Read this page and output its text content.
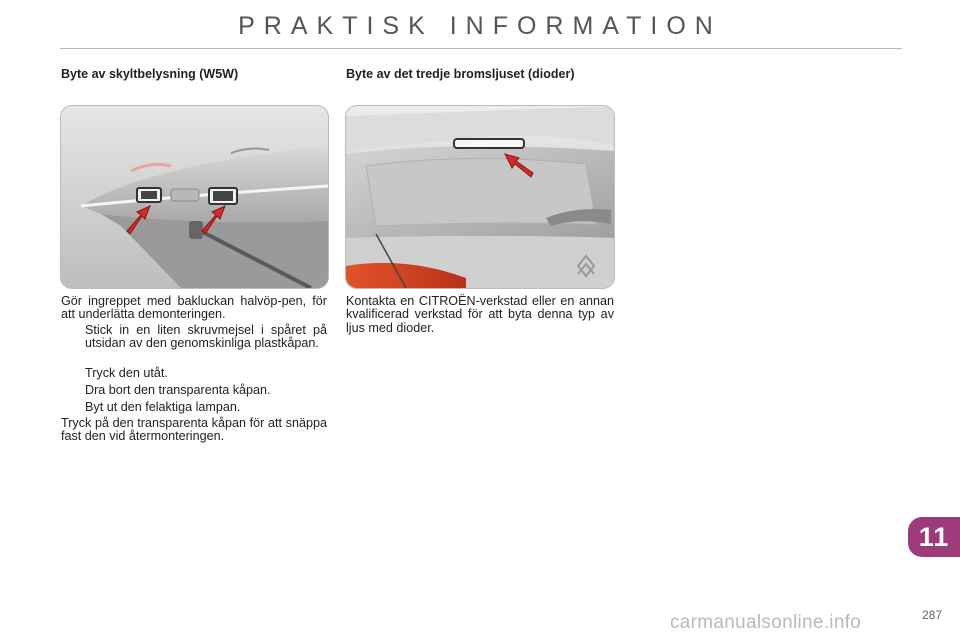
PRAKTISK INFORMATION
Byte av skyltbelysning (W5W)

Gör ingreppet med bakluckan halvöp-pen, för att underlätta demonteringen.

Stick in en liten skruvmejsel i spåret på utsidan av den genomskinliga plastkåpan.
Tryck den utåt.
Dra bort den transparenta kåpan.
Byt ut den felaktiga lampan.

Tryck på den transparenta kåpan för att snäppa fast den vid återmonteringen.

Byte av det tredje bromsljuset (dioder)

Kontakta en CITROËN-verkstad eller en annan kvalificerad verkstad för att byta denna typ av ljus med dioder.

11
287
carmanualsonline.info
